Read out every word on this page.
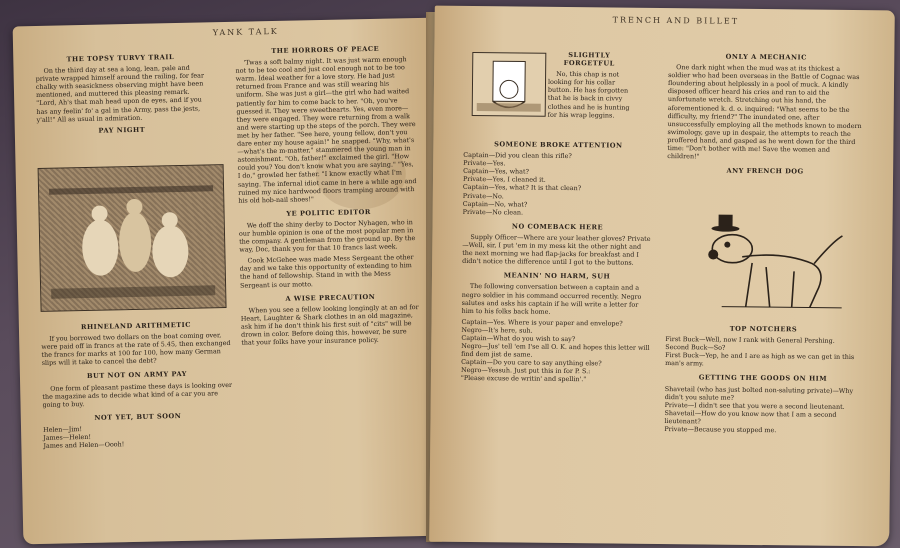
YANK TALK
THE TOPSY TURVY TRAIL

On the third day at sea a long, lean, pale and private wrapped himself around the railing, for fear chalky with seasickness observing might have been mentioned, and muttered this pleasing remark. "Lord, Ah's that mah head upon de eyes, and if you has any feelin' fo' a gal in the Army, pass the jests, y'all!" All as usual in admiration.

PAY NIGHT
RHINELAND ARITHMETIC

If you borrowed two dollars on the boat coming over, were paid off in francs at the rate of 5.45, then exchanged the francs for marks at 100 for 100, how many German slips will it take to cancel the debt?

BUT NOT ON ARMY PAY

One form of pleasant pastime these days is looking over the magazine ads to decide what kind of a car you are going to buy.

NOT YET, BUT SOON
Helen—Jim!
James—Helen!
James and Helen—Oooh!
THE HORRORS OF PEACE

'Twas a soft balmy night. It was just warm enough not to be too cool and just cool enough not to be too warm. Ideal weather for a love story. He had just returned from France and was still wearing his uniform. She was just a girl—the girl who had waited patiently for him to come back to her. "Oh, you've guessed it. They were sweethearts. Yes, even more—they were engaged. They were returning from a walk and were starting up the steps of the porch. They were met by her father. "See here, young fellow, don't you dare enter my house again!" he snapped. "Why, what's—what's the m-matter," stammered the young man in astonishment. "Oh, father!" exclaimed the girl. "How could you? You don't know what you are saying." "Yes, I do," growled her father. "I know exactly what I'm saying. The infernal idiot came in here a while ago and ruined my nice hardwood floors tramping around with his old hob-nail shoes!"

YE POLITIC EDITOR

We doff the shiny derby to Doctor Nyhagen, who in our humble opinion is one of the most popular men in the company. A gentleman from the ground up. By the way, Doc, thank you for that 10 francs last week.

Cook McGehee was made Mess Sergeant the other day and we take this opportunity of extending to him the hand of fellowship. Stand in with the Mess Sergeant is our motto.

A WISE PRECAUTION

When you see a fellow looking longingly at an ad for Heart, Laughter & Shark clothes in an old magazine, ask him if he don't think his first suit of "cits" will be drown in color. Before doing this, however, be sure that your folks have your insurance policy.

TRENCH AND BILLET
SLIGHTLY FORGETFUL

No, this chap is not looking for his collar button. He has forgotten that he is back in civvy clothes and he is hunting for his wrap leggins.

SOMEONE BROKE ATTENTION
Captain—Did you clean this rifle?
Private—Yes.
Captain—Yes, what?
Private—Yes, I cleaned it.
Captain—Yes, what? It is that clean?
Private—No.
Captain—No, what?
Private—No clean.
NO COMEBACK HERE

Supply Officer—Where are your leather gloves? Private—Well, sir, I put 'em in my mess kit the other night and the next morning we had flap-jacks for breakfast and I didn't notice the difference until I got to the buttons.

MEANIN' NO HARM, SUH

The following conversation between a captain and a negro soldier in his command occurred recently. Negro salutes and asks his captain if he will write a letter for him to his folks back home.

Captain—Yes. Where is your paper and envelope?
Negro—It's here, suh.
Captain—What do you wish to say?
Negro—Jus' tell 'em I'se all O. K. and hopes this letter will find dem jist de same.
Captain—Do you care to say anything else?
Negro—Yessuh. Just put this in for P. S.:
"Please excuse de writin' and spellin'."
ONLY A MECHANIC

One dark night when the mud was at its thickest a soldier who had been overseas in the Battle of Cognac was floundering about helplessly in a pool of muck. A kindly disposed officer heard his cries and ran to aid the unfortunate wretch. Stretching out his hand, the aforementioned k. d. o. inquired: "What seems to be the difficulty, my friend?" The inundated one, after unsuccessfully employing all the methods known to modern swimology, gave up in despair, the attempts to reach the proffered hand, and gasped as he went down for the third time: "Don't bother with me! Save the women and children!"

ANY FRENCH DOG
TOP NOTCHERS
First Buck—Well, now I rank with General Pershing.
Second Buck—So?
First Buck—Yep, he and I are as high as we can get in this man's army.
GETTING THE GOODS ON HIM
Shavetail (who has just bolted non-saluting private)—Why didn't you salute me?
Private—I didn't see that you were a second lieutenant.
Shavetail—How do you know now that I am a second lieutenant?
Private—Because you stopped me.
